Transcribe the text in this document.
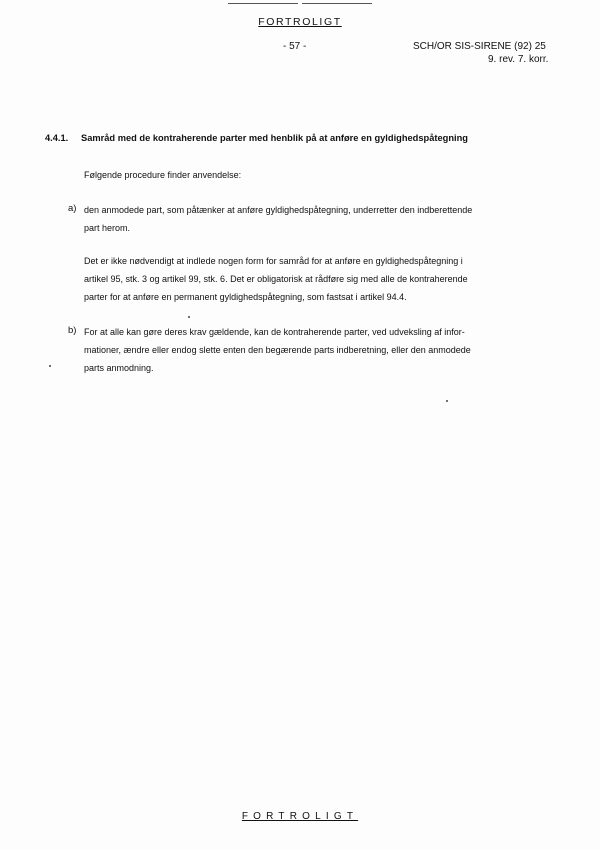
FORTROLIGT
- 57 -	SCH/OR SIS-SIRENE (92) 25
9. rev. 7. korr.
4.4.1. Samråd med de kontraherende parter med henblik på at anføre en gyldighedspåtegning
Følgende procedure finder anvendelse:
a) den anmodede part, som påtænker at anføre gyldighedspåtegning, underretter den indberettende
part herom.
Det er ikke nødvendigt at indlede nogen form for samråd for at anføre en gyldighedspåtegning i
artikel 95, stk. 3 og artikel 99, stk. 6. Det er obligatorisk at rådføre sig med alle de kontraherende
parter for at anføre en permanent gyldighedspåtegning, som fastsat i artikel 94.4.
b) For at alle kan gøre deres krav gældende, kan de kontraherende parter, ved udveksling af infor-
mationer, ændre eller endog slette enten den begærende parts indberetning, eller den anmodede
parts anmodning.
FORTROLIGT
